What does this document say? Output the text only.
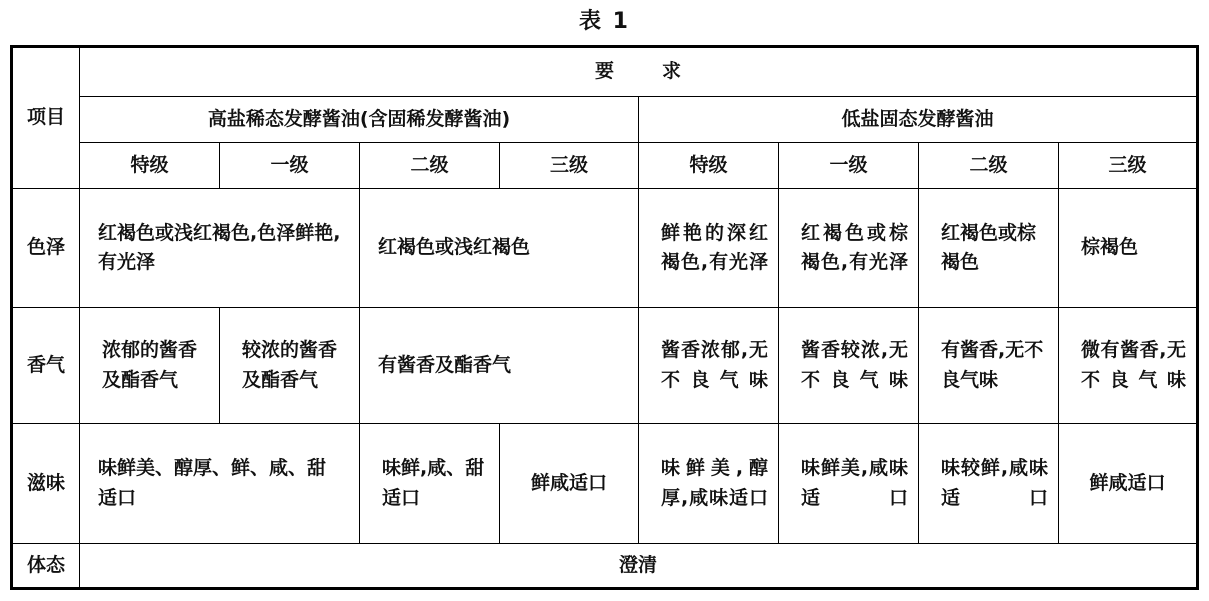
表 1
项目	要求							
	高盐稀态发酵酱油(含固稀发酵酱油)				低盐固态发酵酱油			
	特级	一级	二级	三级	特级	一级	二级	三级
色泽	红褐色或浅红褐色,色泽鲜艳,有光泽		红褐色或浅红褐色		鲜艳的深红褐色,有光泽	红褐色或棕褐色,有光泽	红褐色或棕褐色	棕褐色
香气	浓郁的酱香及酯香气	较浓的酱香及酯香气	有酱香及酯香气		酱香浓郁,无不良气味	酱香较浓,无不良气味	有酱香,无不良气味	微有酱香,无不良气味
滋味	味鲜美、醇厚、鲜、咸、甜适口		味鲜,咸、甜适口	鲜咸适口	味鲜美,醇厚,咸味适口	味鲜美,咸味适口	味较鲜,咸味适口	鲜咸适口
体态	澄清							
